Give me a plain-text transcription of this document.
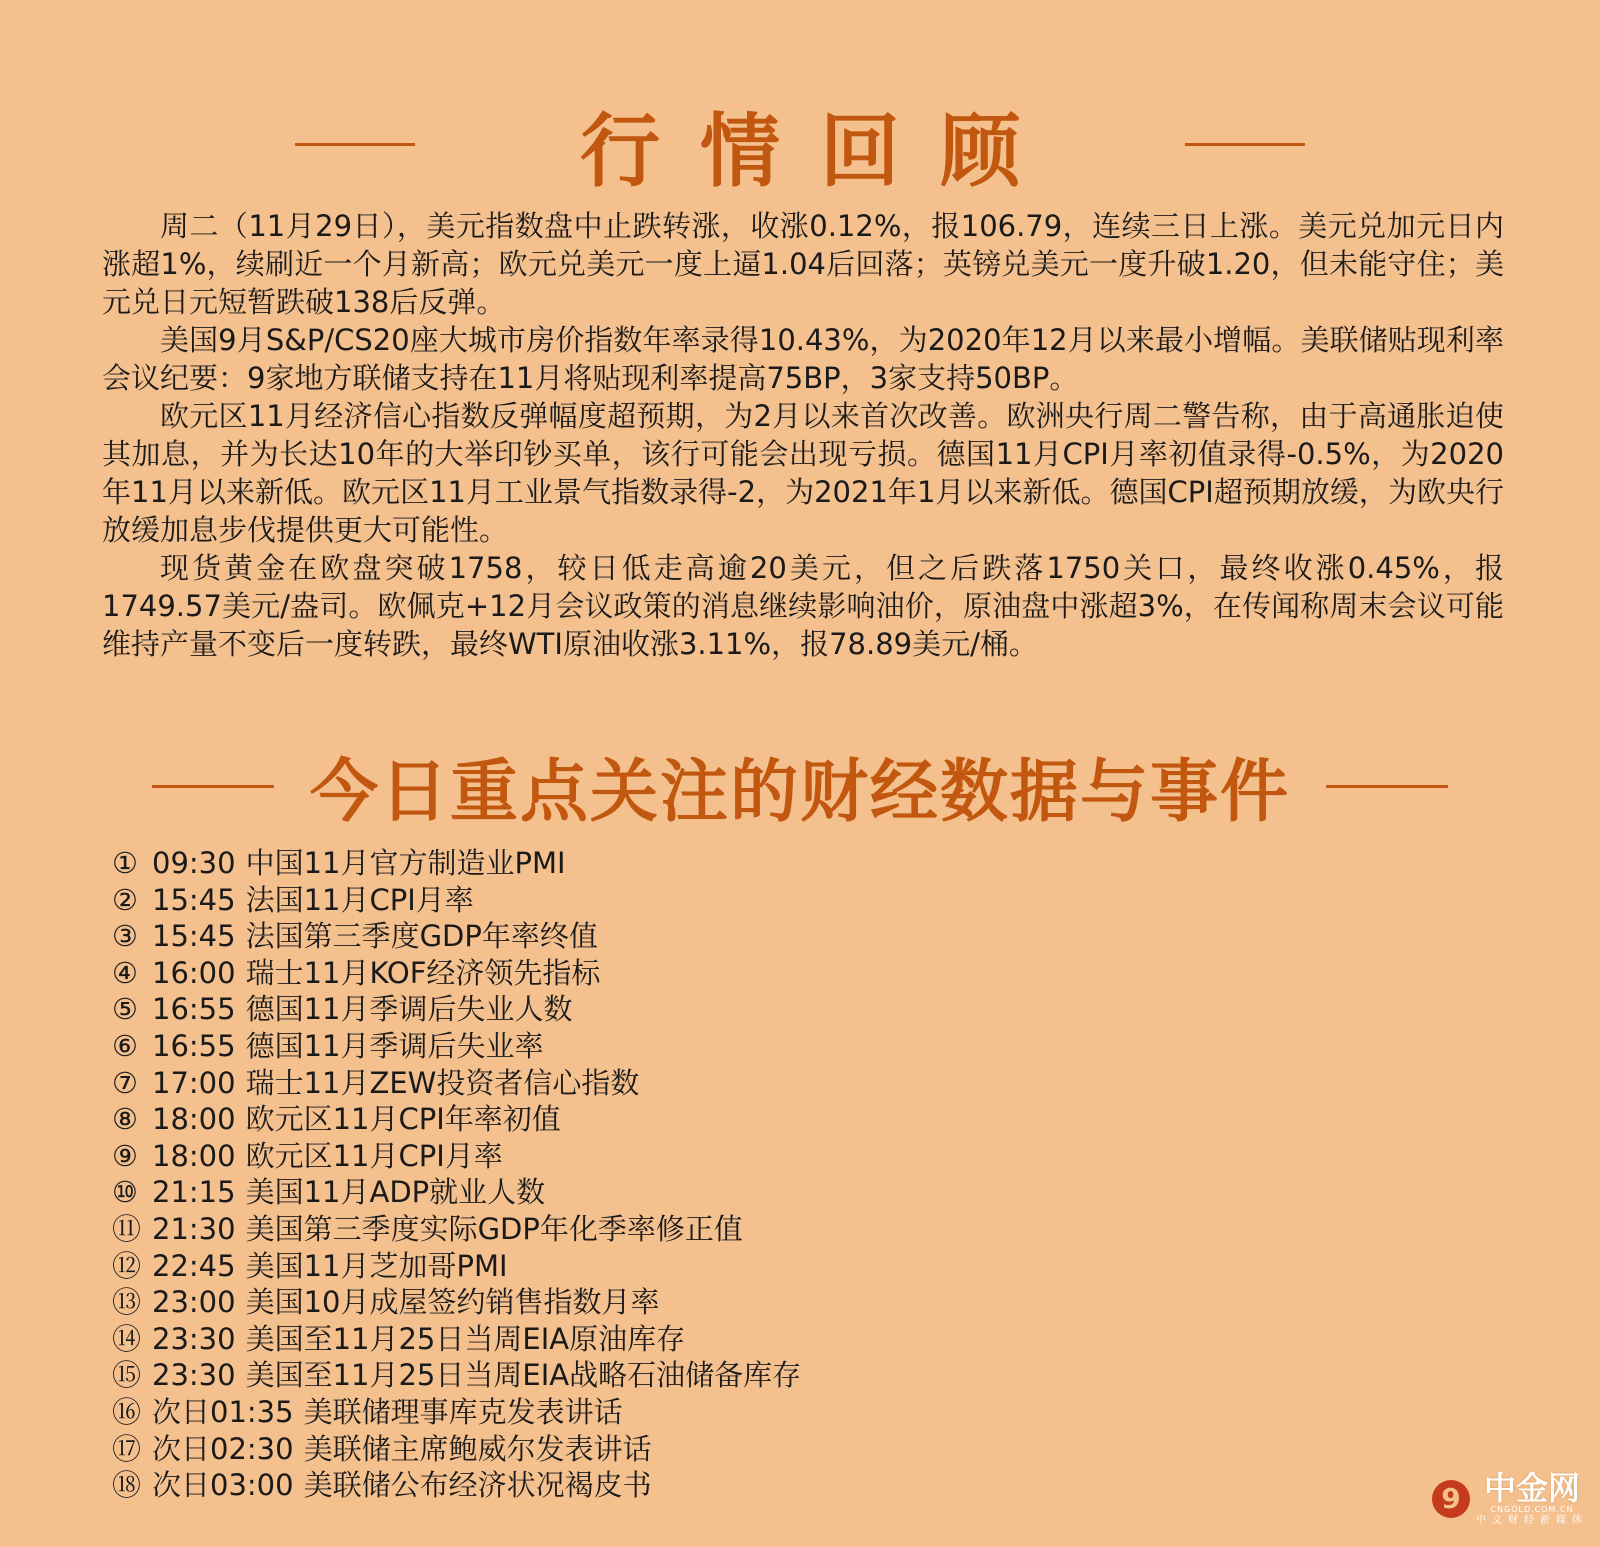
行情回顾

周二（11月29日），美元指数盘中止跌转涨，收涨0.12%，报106.79，连续三日上涨。美元兑加元日内涨超1%，续刷近一个月新高；欧元兑美元一度上逼1.04后回落；英镑兑美元一度升破1.20，但未能守住；美元兑日元短暂跌破138后反弹。

美国9月S&P/CS20座大城市房价指数年率录得10.43%，为2020年12月以来最小增幅。美联储贴现利率会议纪要：9家地方联储支持在11月将贴现利率提高75BP，3家支持50BP。

欧元区11月经济信心指数反弹幅度超预期，为2月以来首次改善。欧洲央行周二警告称，由于高通胀迫使其加息，并为长达10年的大举印钞买单，该行可能会出现亏损。德国11月CPI月率初值录得-0.5%，为2020年11月以来新低。欧元区11月工业景气指数录得-2，为2021年1月以来新低。德国CPI超预期放缓，为欧央行放缓加息步伐提供更大可能性。

现货黄金在欧盘突破1758，较日低走高逾20美元，但之后跌落1750关口，最终收涨0.45%，报1749.57美元/盎司。欧佩克+12月会议政策的消息继续影响油价，原油盘中涨超3%，在传闻称周末会议可能维持产量不变后一度转跌，最终WTI原油收涨3.11%，报78.89美元/桶。

今日重点关注的财经数据与事件
① 09:30 中国11月官方制造业PMI
② 15:45 法国11月CPI月率
③ 15:45 法国第三季度GDP年率终值
④ 16:00 瑞士11月KOF经济领先指标
⑤ 16:55 德国11月季调后失业人数
⑥ 16:55 德国11月季调后失业率
⑦ 17:00 瑞士11月ZEW投资者信心指数
⑧ 18:00 欧元区11月CPI年率初值
⑨ 18:00 欧元区11月CPI月率
⑩ 21:15 美国11月ADP就业人数
⑪ 21:30 美国第三季度实际GDP年化季率修正值
⑫ 22:45 美国11月芝加哥PMI
⑬ 23:00 美国10月成屋签约销售指数月率
⑭ 23:30 美国至11月25日当周EIA原油库存
⑮ 23:30 美国至11月25日当周EIA战略石油储备库存
⑯ 次日01:35 美联储理事库克发表讲话
⑰ 次日02:30 美联储主席鲍威尔发表讲话
⑱ 次日03:00 美联储公布经济状况褐皮书	9 中金网
CNGOLD.COM.CN
中文财经新媒体
